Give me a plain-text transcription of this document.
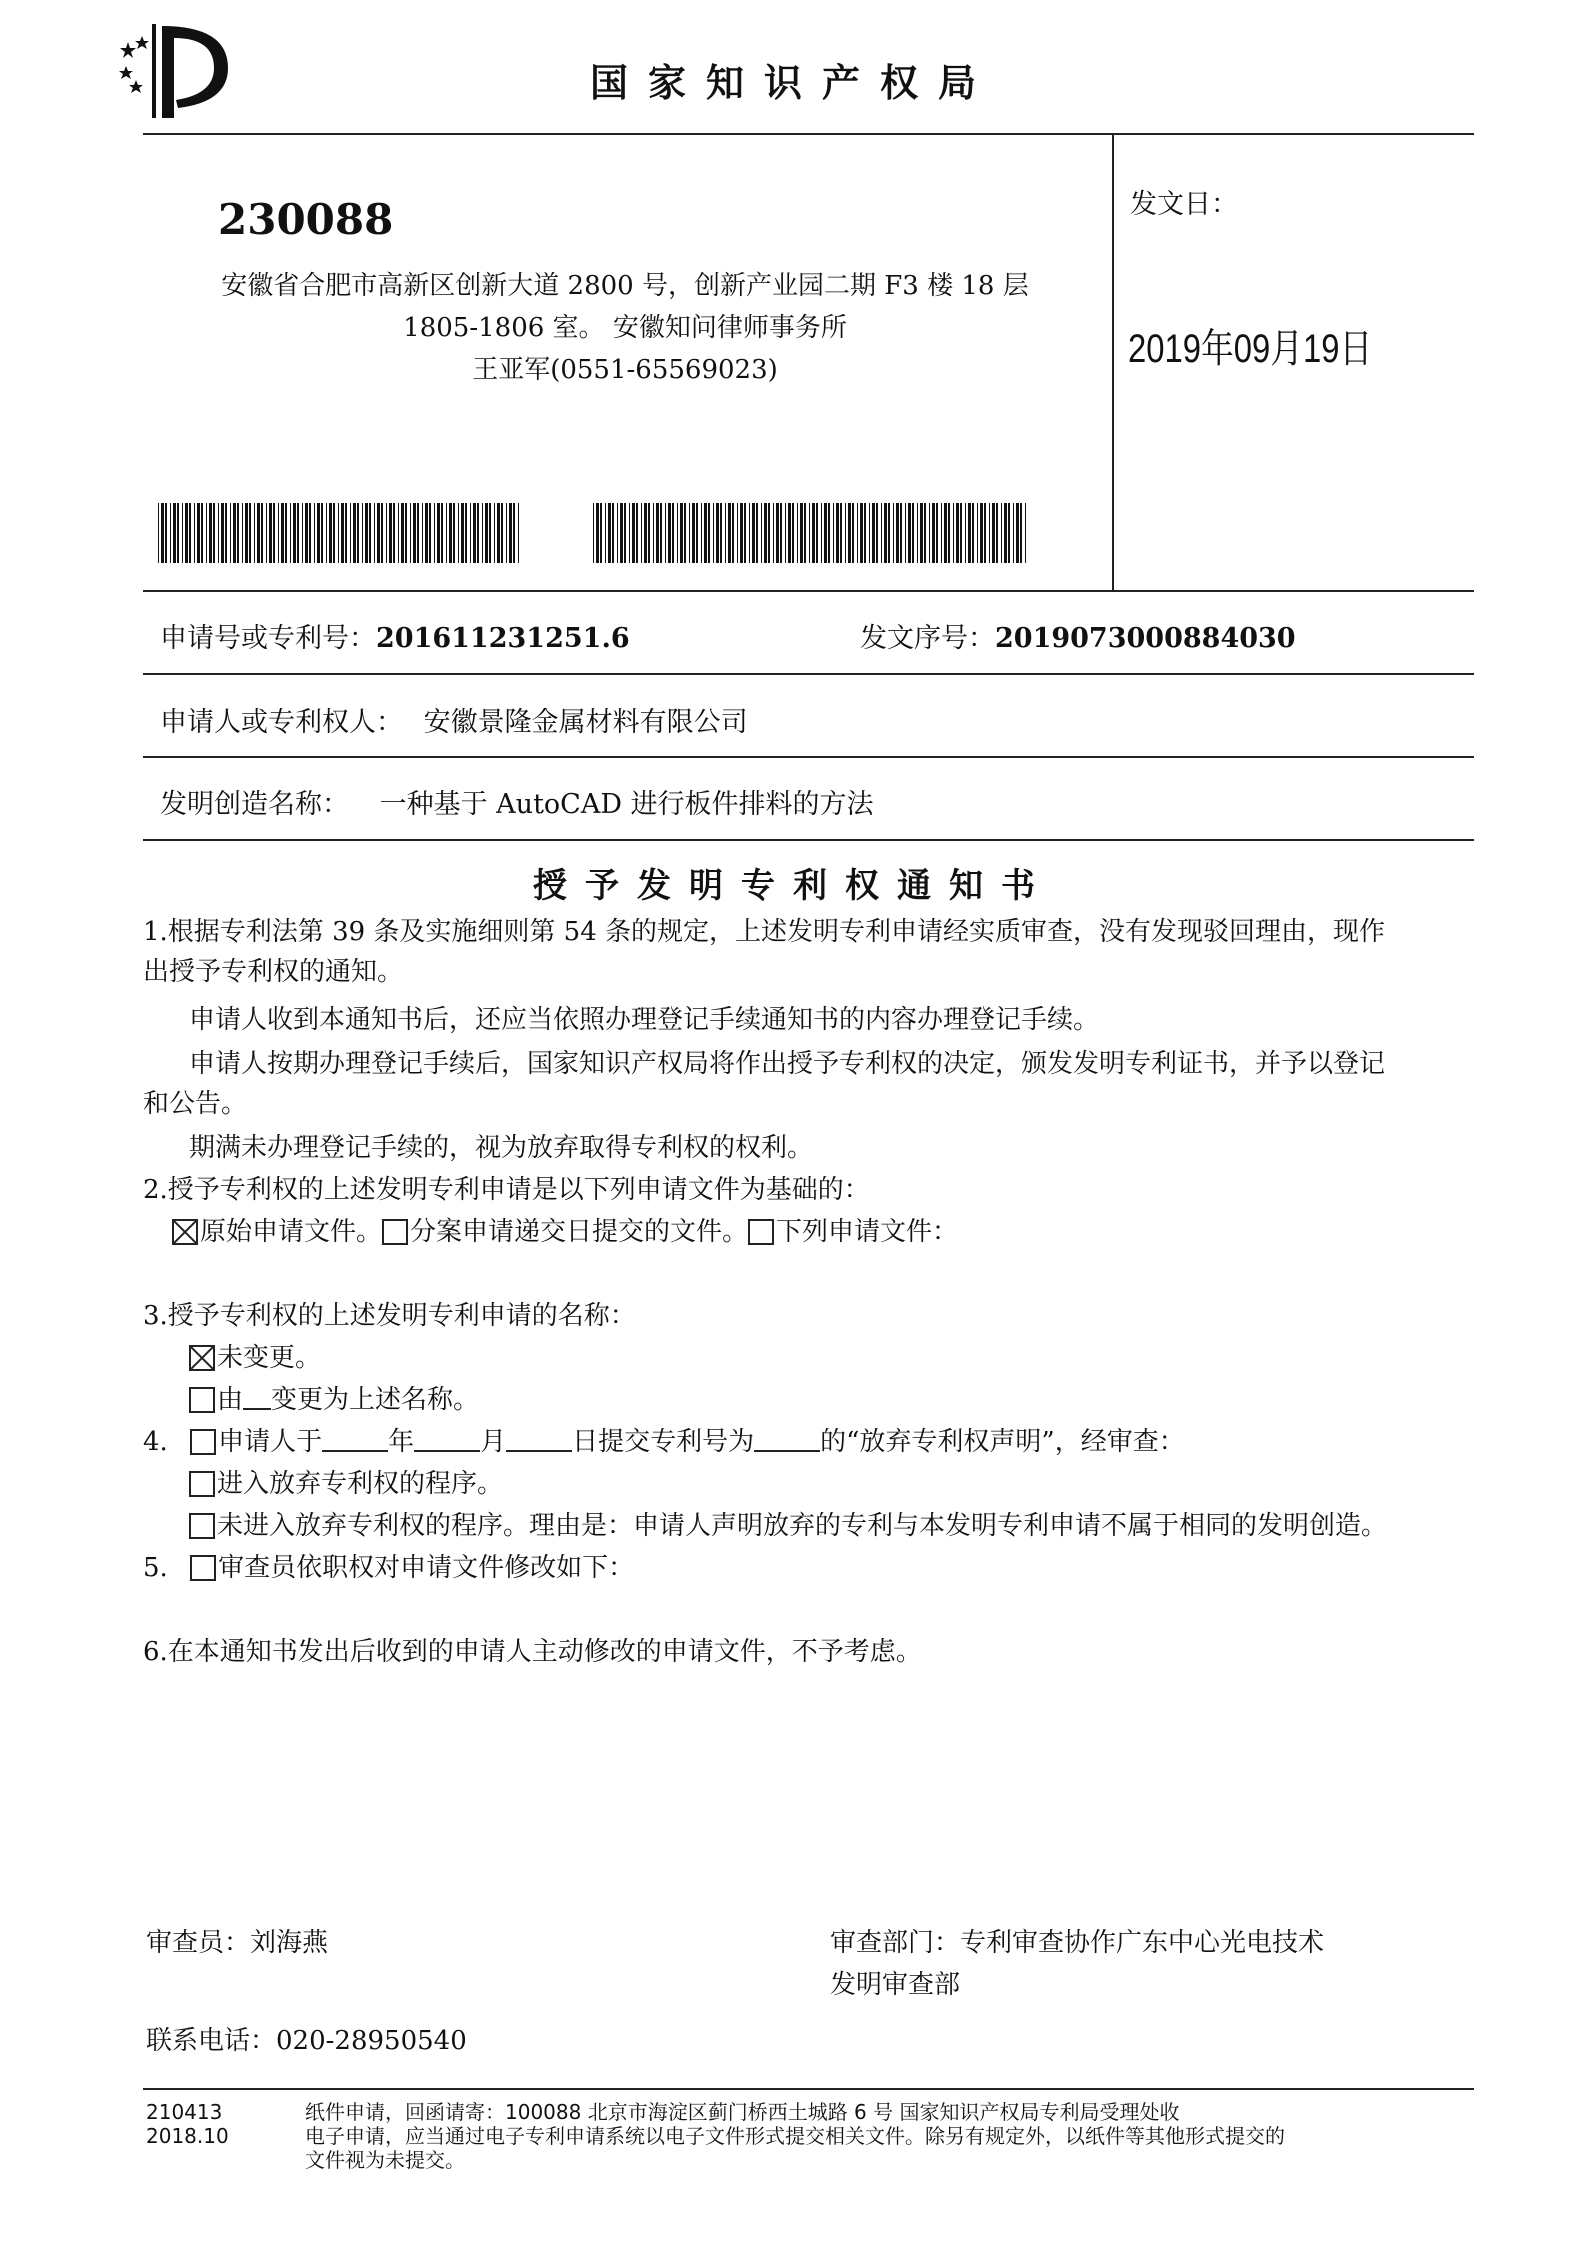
国家知识产权局
230088
安徽省合肥市高新区创新大道 2800 号，创新产业园二期 F3 楼 18 层
1805-1806 室。 安徽知问律师事务所
王亚军(0551-65569023)
发文日：
2019年09月19日
申请号或专利号：201611231251.6	发文序号：2019073000884030
申请人或专利权人： 安徽景隆金属材料有限公司
发明创造名称： 一种基于 AutoCAD 进行板件排料的方法
授予发明专利权通知书
1.根据专利法第 39 条及实施细则第 54 条的规定，上述发明专利申请经实质审查，没有发现驳回理由，现作
出授予专利权的通知。
申请人收到本通知书后，还应当依照办理登记手续通知书的内容办理登记手续。
申请人按期办理登记手续后，国家知识产权局将作出授予专利权的决定，颁发发明专利证书，并予以登记
和公告。
期满未办理登记手续的，视为放弃取得专利权的权利。
2.授予专利权的上述发明专利申请是以下列申请文件为基础的：
原始申请文件。 分案申请递交日提交的文件。 下列申请文件：
3.授予专利权的上述发明专利申请的名称：
未变更。
由 变更为上述名称。
4. 申请人于	年	月	日提交专利号为	的“放弃专利权声明”，经审查：
进入放弃专利权的程序。
未进入放弃专利权的程序。理由是：申请人声明放弃的专利与本发明专利申请不属于相同的发明创造。
5. 审查员依职权对申请文件修改如下：
6.在本通知书发出后收到的申请人主动修改的申请文件，不予考虑。
审查员：刘海燕	审查部门：专利审查协作广东中心光电技术
发明审查部
联系电话：020-28950540
210413
2018.10
纸件申请，回函请寄：100088 北京市海淀区蓟门桥西土城路 6 号 国家知识产权局专利局受理处收
电子申请，应当通过电子专利申请系统以电子文件形式提交相关文件。除另有规定外，以纸件等其他形式提交的
文件视为未提交。
